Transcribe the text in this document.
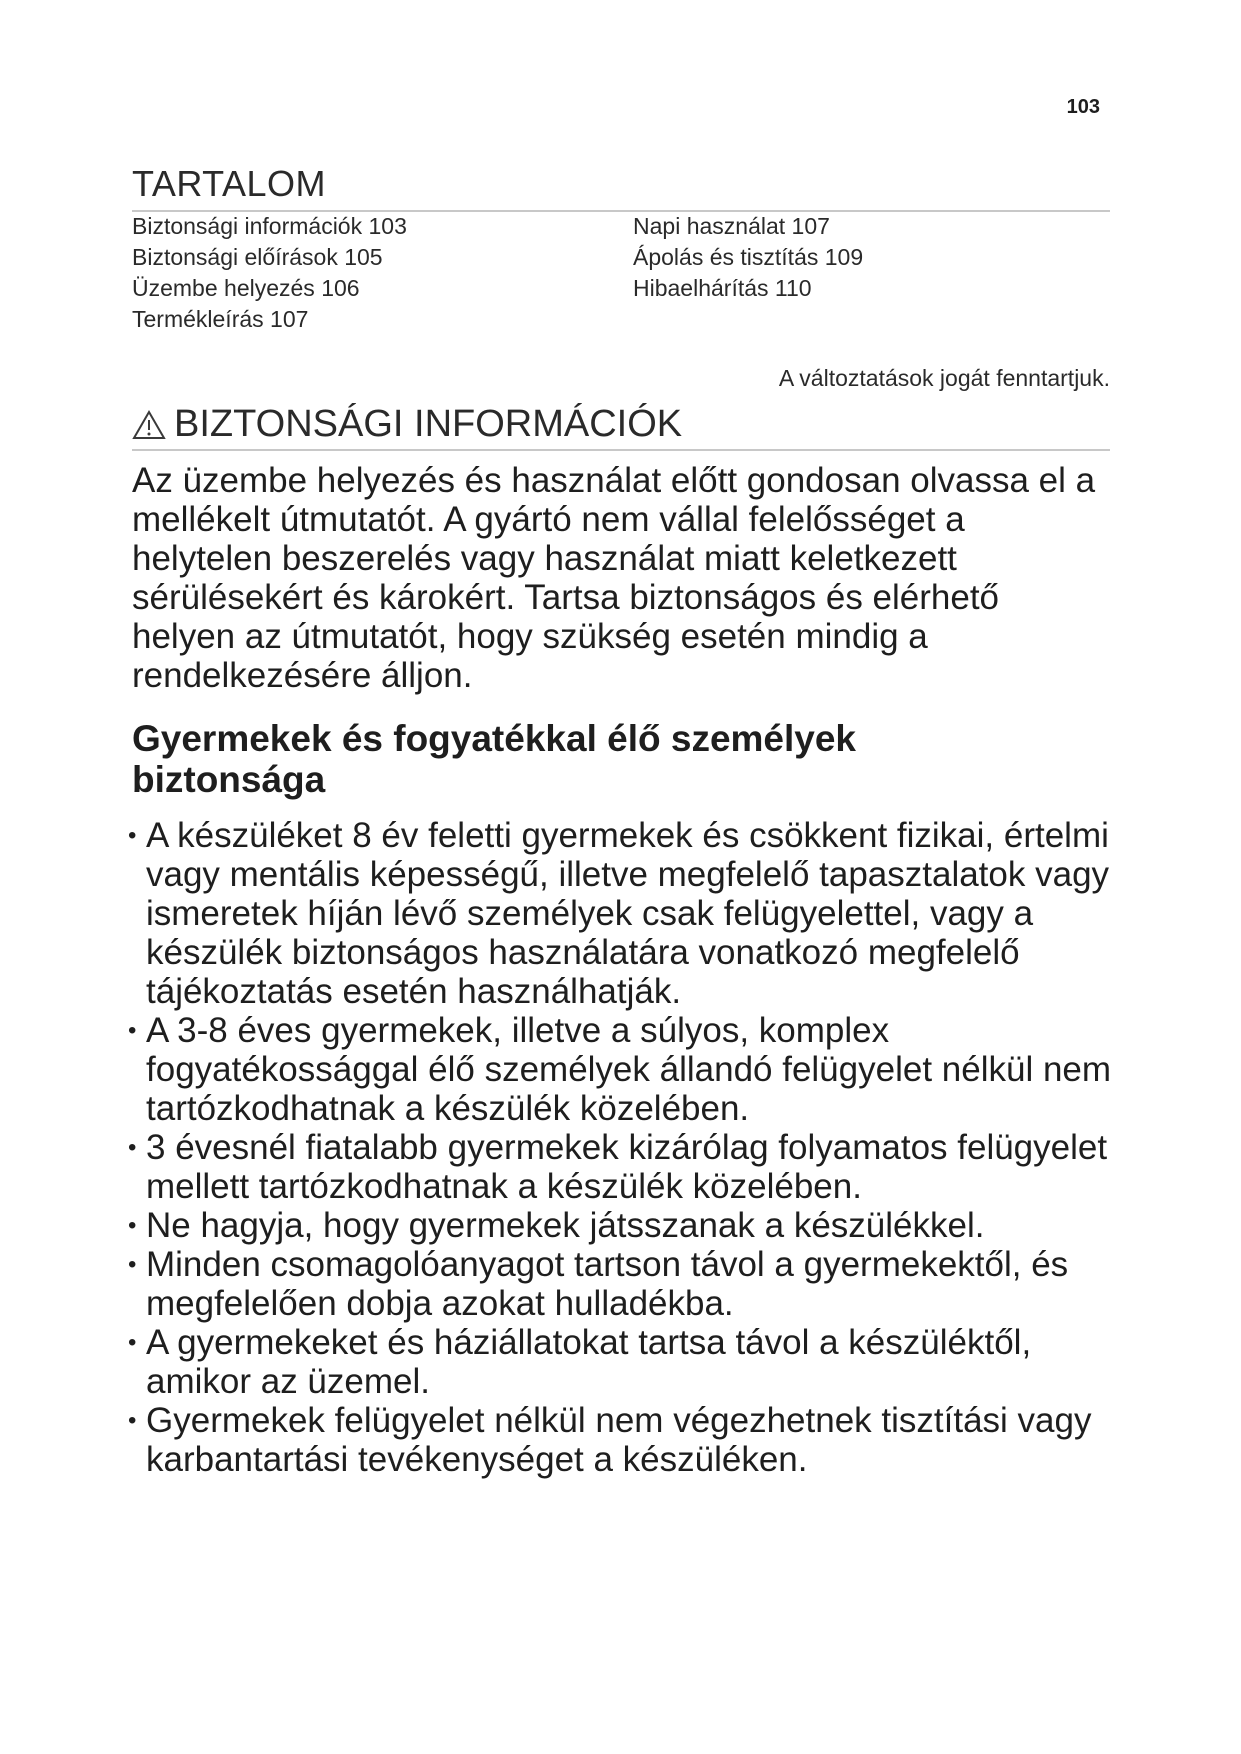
103
TARTALOM
Biztonsági információk 103
Biztonsági előírások 105
Üzembe helyezés 106
Termékleírás 107
Napi használat 107
Ápolás és tisztítás 109
Hibaelhárítás 110
A változtatások jogát fenntartjuk.
BIZTONSÁGI INFORMÁCIÓK

Az üzembe helyezés és használat előtt gondosan olvassa el a mellékelt útmutatót. A gyártó nem vállal felelősséget a helytelen beszerelés vagy használat miatt keletkezett sérülésekért és károkért. Tartsa biztonságos és elérhető helyen az útmutatót, hogy szükség esetén mindig a rendelkezésére álljon.

Gyermekek és fogyatékkal élő személyek biztonsága
• A készüléket 8 év feletti gyermekek és csökkent fizikai, értelmi vagy mentális képességű, illetve megfelelő tapasztalatok vagy ismeretek híján lévő személyek csak felügyelettel, vagy a készülék biztonságos használatára vonatkozó megfelelő tájékoztatás esetén használhatják.
• A 3-8 éves gyermekek, illetve a súlyos, komplex fogyatékossággal élő személyek állandó felügyelet nélkül nem tartózkodhatnak a készülék közelében.
• 3 évesnél fiatalabb gyermekek kizárólag folyamatos felügyelet mellett tartózkodhatnak a készülék közelében.
• Ne hagyja, hogy gyermekek játsszanak a készülékkel.
• Minden csomagolóanyagot tartson távol a gyermekektől, és megfelelően dobja azokat hulladékba.
• A gyermekeket és háziállatokat tartsa távol a készüléktől, amikor az üzemel.
• Gyermekek felügyelet nélkül nem végezhetnek tisztítási vagy karbantartási tevékenységet a készüléken.
